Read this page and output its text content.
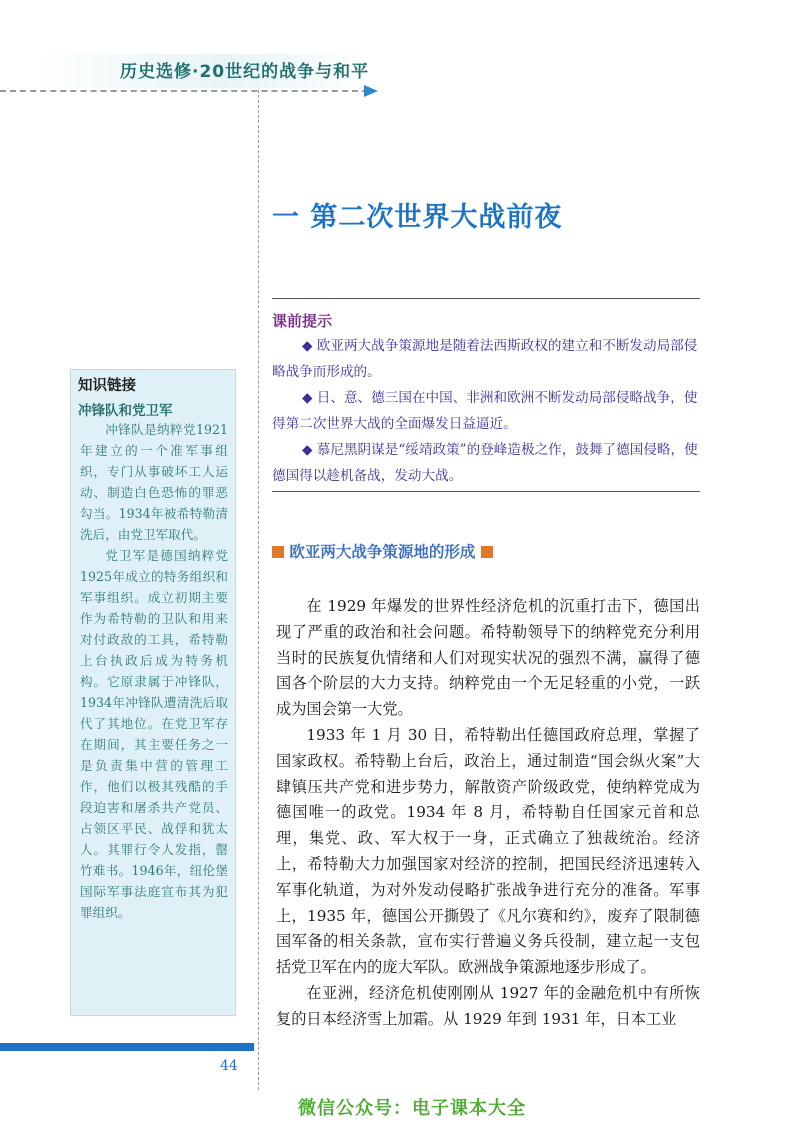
历史选修·20世纪的战争与和平
一 第二次世界大战前夜
课前提示

◆ 欧亚两大战争策源地是随着法西斯政权的建立和不断发动局部侵略战争而形成的。

◆ 日、意、德三国在中国、非洲和欧洲不断发动局部侵略战争，使得第二次世界大战的全面爆发日益逼近。

◆ 慕尼黑阴谋是“绥靖政策”的登峰造极之作，鼓舞了德国侵略，使德国得以趁机备战，发动大战。

知识链接
冲锋队和党卫军

冲锋队是纳粹党1921年建立的一个准军事组织，专门从事破坏工人运动、制造白色恐怖的罪恶勾当。1934年被希特勒清洗后，由党卫军取代。

党卫军是德国纳粹党1925年成立的特务组织和军事组织。成立初期主要作为希特勒的卫队和用来对付政敌的工具，希特勒上台执政后成为特务机构。它原隶属于冲锋队，1934年冲锋队遭清洗后取代了其地位。在党卫军存在期间，其主要任务之一是负责集中营的管理工作，他们以极其残酷的手段迫害和屠杀共产党员、占领区平民、战俘和犹太人。其罪行令人发指，罄竹难书。1946年，纽伦堡国际军事法庭宣布其为犯罪组织。

欧亚两大战争策源地的形成

在 1929 年爆发的世界性经济危机的沉重打击下，德国出现了严重的政治和社会问题。希特勒领导下的纳粹党充分利用当时的民族复仇情绪和人们对现实状况的强烈不满，赢得了德国各个阶层的大力支持。纳粹党由一个无足轻重的小党，一跃成为国会第一大党。

1933 年 1 月 30 日，希特勒出任德国政府总理，掌握了国家政权。希特勒上台后，政治上，通过制造“国会纵火案”大肆镇压共产党和进步势力，解散资产阶级政党，使纳粹党成为德国唯一的政党。1934 年 8 月，希特勒自任国家元首和总理，集党、政、军大权于一身，正式确立了独裁统治。经济上，希特勒大力加强国家对经济的控制，把国民经济迅速转入军事化轨道，为对外发动侵略扩张战争进行充分的准备。军事上，1935 年，德国公开撕毁了《凡尔赛和约》，废弃了限制德国军备的相关条款，宣布实行普遍义务兵役制，建立起一支包括党卫军在内的庞大军队。欧洲战争策源地逐步形成了。

在亚洲，经济危机使刚刚从 1927 年的金融危机中有所恢复的日本经济雪上加霜。从 1929 年到 1931 年，日本工业

44
微信公众号：电子课本大全
